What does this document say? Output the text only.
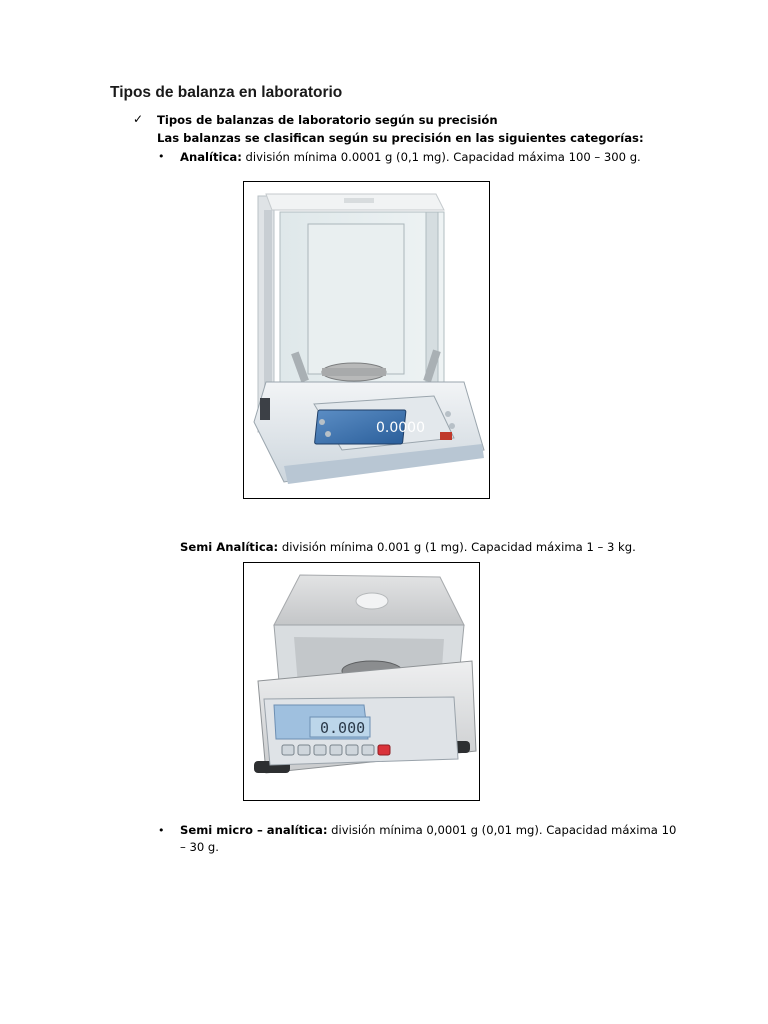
Tipos de balanza en laboratorio
✓ Tipos de balanzas de laboratorio según su precisión
Las balanzas se clasifican según su precisión en las siguientes categorías:
• Analítica: división mínima 0.0001 g (0,1 mg). Capacidad máxima 100 – 300 g.
0.0000
Semi Analítica: división mínima 0.001 g (1 mg). Capacidad máxima 1 – 3 kg.
0.000
• Semi micro – analítica: división mínima 0,0001 g (0,01 mg). Capacidad máxima 10
– 30 g.
